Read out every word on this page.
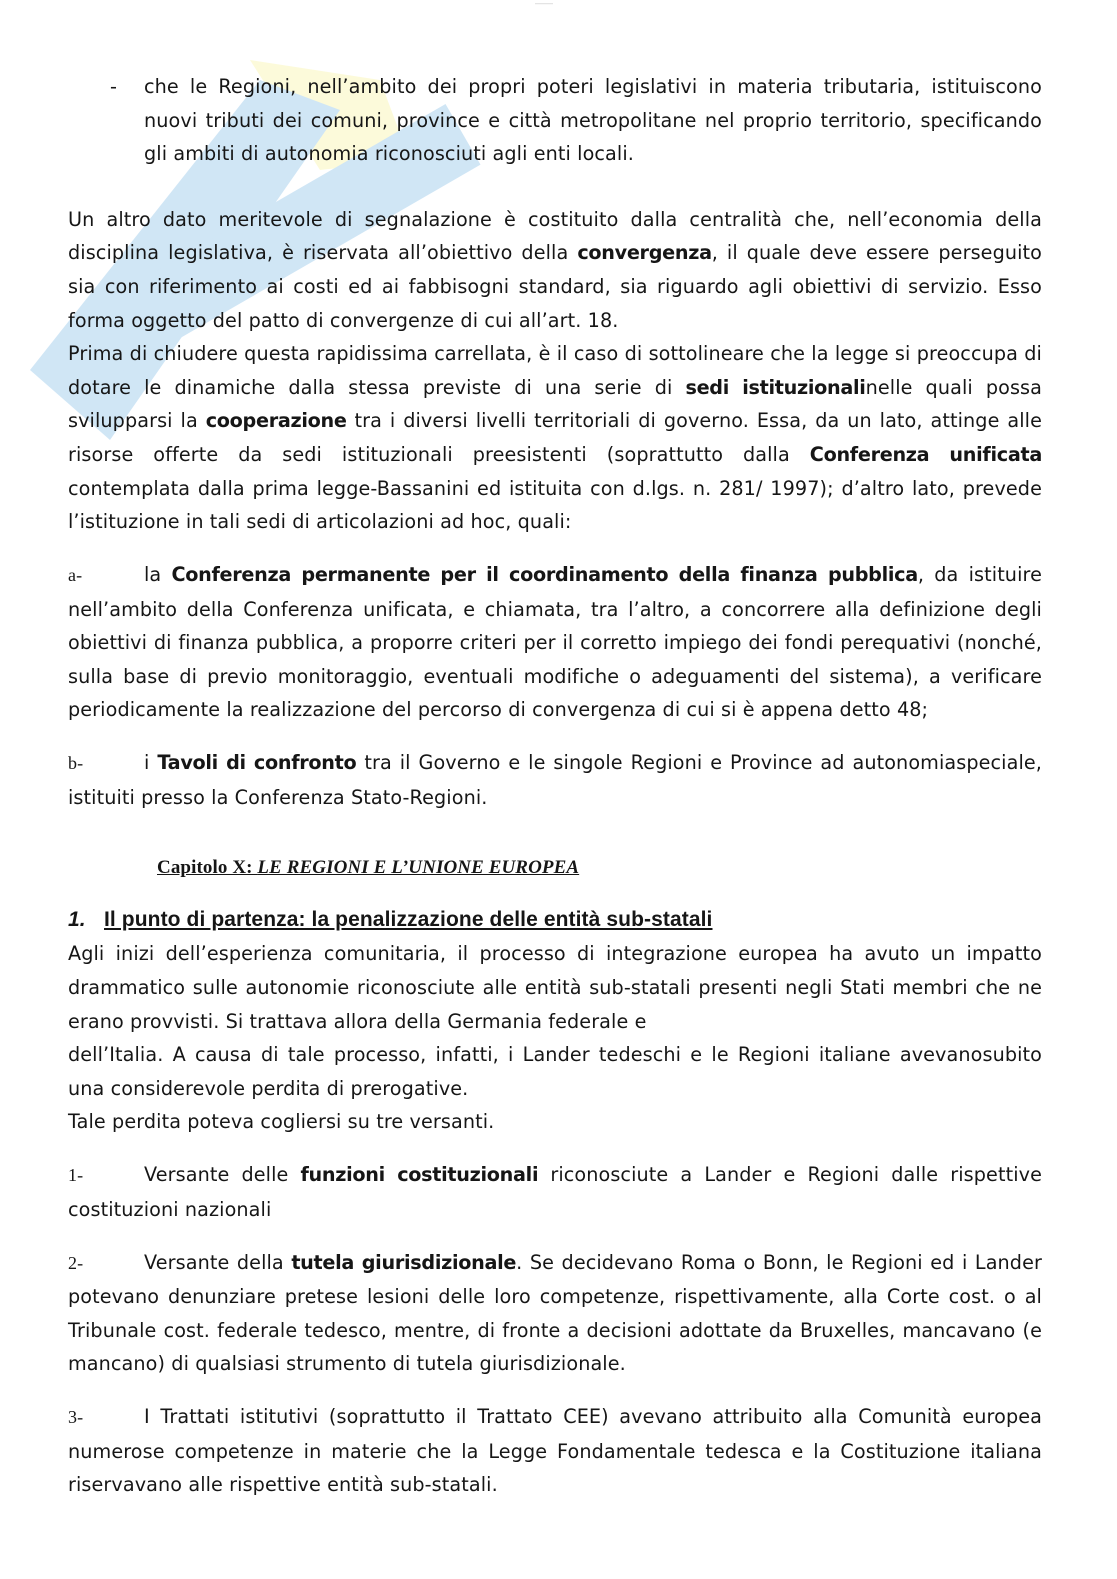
——
- che le Regioni, nell’ambito dei propri poteri legislativi in materia tributaria, istituiscono nuovi tributi dei comuni, province e città metropolitane nel proprio territorio, specificando gli ambiti di autonomia riconosciuti agli enti locali.

Un altro dato meritevole di segnalazione è costituito dalla centralità che, nell’economia della disciplina legislativa, è riservata all’obiettivo della convergenza, il quale deve essere perseguito sia con riferimento ai costi ed ai fabbisogni standard, sia riguardo agli obiettivi di servizio. Esso forma oggetto del patto di convergenze di cui all’art. 18.

Prima di chiudere questa rapidissima carrellata, è il caso di sottolineare che la legge si preoccupa di dotare le dinamiche dalla stessa previste di una serie di sedi istituzionalinelle quali possa svilupparsi la cooperazione tra i diversi livelli territoriali di governo. Essa, da un lato, attinge alle risorse offerte da sedi istituzionali preesistenti (soprattutto dalla Conferenza unificata contemplata dalla prima legge-Bassanini ed istituita con d.lgs. n. 281/ 1997); d’altro lato, prevede l’istituzione in tali sedi di articolazioni ad hoc, quali:

a-	la Conferenza permanente per il coordinamento della finanza pubblica, da istituire nell’ambito della Conferenza unificata, e chiamata, tra l’altro, a concorrere alla definizione degli obiettivi di finanza pubblica, a proporre criteri per il corretto impiego dei fondi perequativi (nonché, sulla base di previo monitoraggio, eventuali modifiche o adeguamenti del sistema), a verificare periodicamente la realizzazione del percorso di convergenza di cui si è appena detto 48;

b-	i Tavoli di confronto tra il Governo e le singole Regioni e Province ad autonomiaspeciale, istituiti presso la Conferenza Stato-Regioni.

Capitolo X: LE REGIONI E L’UNIONE EUROPEA

1. Il punto di partenza: la penalizzazione delle entità sub-statali

Agli inizi dell’esperienza comunitaria, il processo di integrazione europea ha avuto un impatto drammatico sulle autonomie riconosciute alle entità sub-statali presenti negli Stati membri che ne erano provvisti. Si trattava allora della Germania federale e

dell’Italia. A causa di tale processo, infatti, i Lander tedeschi e le Regioni italiane avevanosubito una considerevole perdita di prerogative.

Tale perdita poteva cogliersi su tre versanti.

1-	Versante delle funzioni costituzionali riconosciute a Lander e Regioni dalle rispettive costituzioni nazionali

2-	Versante della tutela giurisdizionale. Se decidevano Roma o Bonn, le Regioni ed i Lander potevano denunziare pretese lesioni delle loro competenze, rispettivamente, alla Corte cost. o al Tribunale cost. federale tedesco, mentre, di fronte a decisioni adottate da Bruxelles, mancavano (e mancano) di qualsiasi strumento di tutela giurisdizionale.

3-	I Trattati istitutivi (soprattutto il Trattato CEE) avevano attribuito alla Comunità europea numerose competenze in materie che la Legge Fondamentale tedesca e la Costituzione italiana riservavano alle rispettive entità sub-statali.
